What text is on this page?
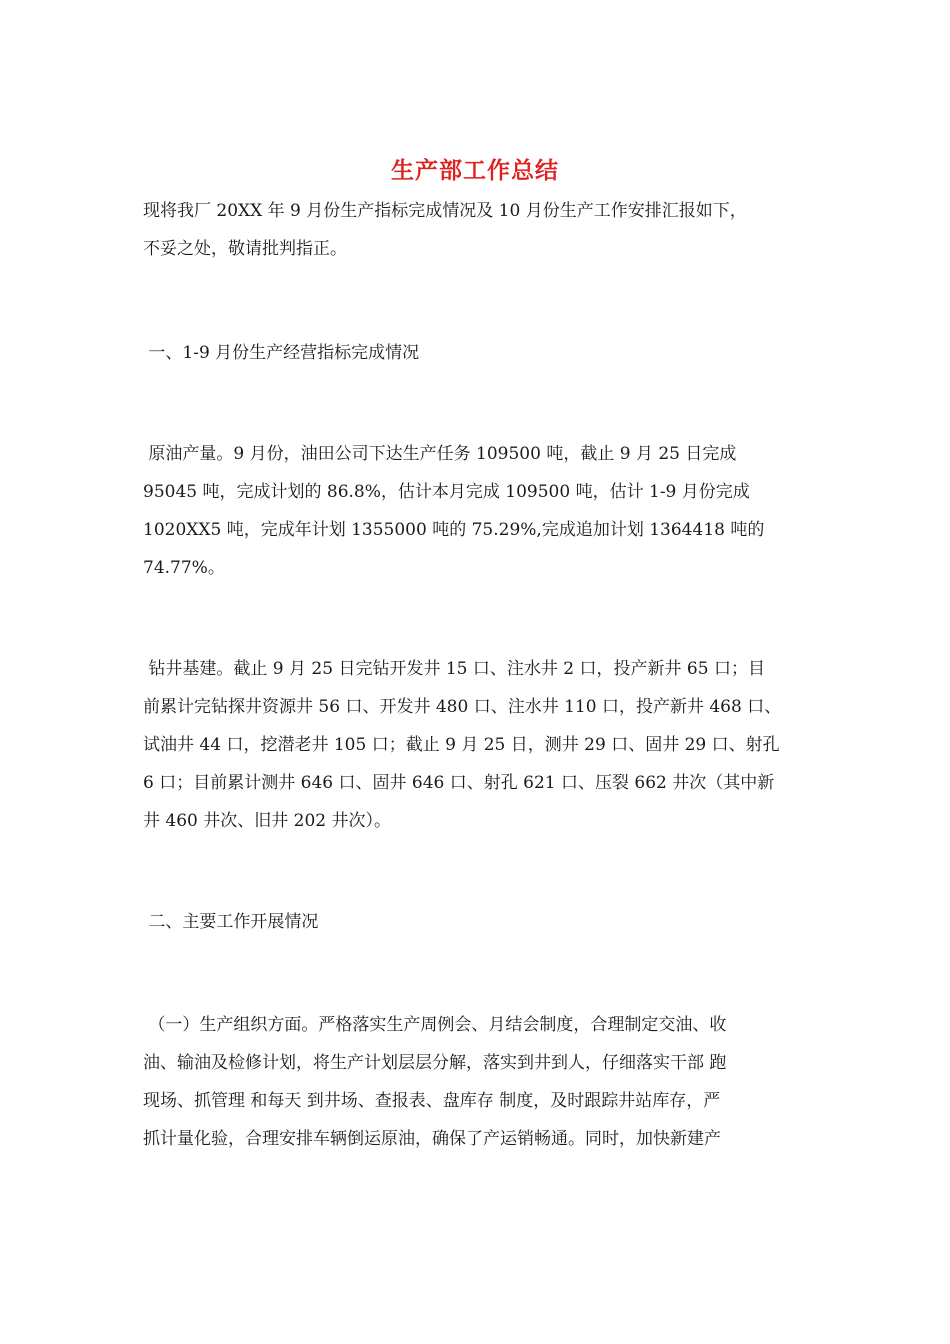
生产部工作总结
现将我厂 20XX 年 9 月份生产指标完成情况及 10 月份生产工作安排汇报如下，
不妥之处，敬请批判指正。
一、1-9 月份生产经营指标完成情况
原油产量。9 月份，油田公司下达生产任务 109500 吨，截止 9 月 25 日完成
95045 吨，完成计划的 86.8%，估计本月完成 109500 吨，估计 1-9 月份完成
1020XX5 吨，完成年计划 1355000 吨的 75.29%,完成追加计划 1364418 吨的
74.77%。
钻井基建。截止 9 月 25 日完钻开发井 15 口、注水井 2 口，投产新井 65 口；目
前累计完钻探井资源井 56 口、开发井 480 口、注水井 110 口，投产新井 468 口、
试油井 44 口，挖潜老井 105 口；截止 9 月 25 日，测井 29 口、固井 29 口、射孔
6 口；目前累计测井 646 口、固井 646 口、射孔 621 口、压裂 662 井次（其中新
井 460 井次、旧井 202 井次）。
二、主要工作开展情况
（一）生产组织方面。严格落实生产周例会、月结会制度，合理制定交油、收
油、输油及检修计划，将生产计划层层分解，落实到井到人，仔细落实干部 跑
现场、抓管理 和每天 到井场、查报表、盘库存 制度，及时跟踪井站库存，严
抓计量化验，合理安排车辆倒运原油，确保了产运销畅通。同时，加快新建产
